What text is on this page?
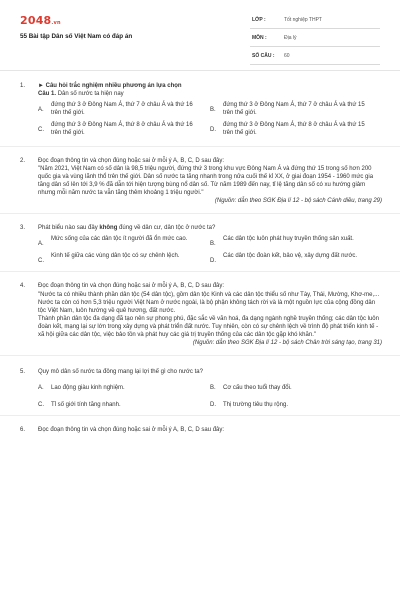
2048.vn
55 Bài tập Dân số Việt Nam có đáp án
LỚP :	Tốt nghiệp THPT
MÔN :	Địa lý
SỐ CÂU : 60
1. ► Câu hỏi trắc nghiệm nhiều phương án lựa chọn
Câu 1. Dân số nước ta hiện nay
A.
đứng thứ 3 ở Đông Nam Á, thứ 7 ở châu Á và thứ 16 trên thế giới.
B.
đứng thứ 3 ở Đông Nam Á, thứ 7 ở châu Á và thứ 15 trên thế giới.
C.
đứng thứ 3 ở Đông Nam Á, thứ 8 ở châu Á và thứ 16 trên thế giới.
D.
đứng thứ 3 ở Đông Nam Á, thứ 8 ở châu Á và thứ 15 trên thế giới.
2. Đọc đoạn thông tin và chọn đúng hoặc sai ở mỗi ý A, B, C, D sau đây:
"Năm 2021, Việt Nam có số dân là 98,5 triệu người, đứng thứ 3 trong khu vực Đông Nam Á và đứng thứ 15 trong số hơn 200 quốc gia và vùng lãnh thổ trên thế giới. Dân số nước ta tăng nhanh trong nửa cuối thế kỉ XX, ở giai đoạn 1954 - 1960 mức gia tăng dân số lên tới 3,9 % đã dẫn tới hiện tượng bùng nổ dân số. Từ năm 1989 đến nay, tỉ lệ tăng dân số có xu hướng giảm nhưng mỗi năm nước ta vẫn tăng thêm khoảng 1 triệu người."
(Nguồn: dẫn theo SGK Địa lí 12 - bộ sách Cánh diều, trang 29)
3. Phát biểu nào sau đây không đúng về dân cư, dân tộc ở nước ta?
A.
Mức sống của các dân tộc ít người đã ổn mức cao.
B.
Các dân tộc luôn phát huy truyền thống sản xuất.
C.
Kinh tế giữa các vùng dân tộc có sự chênh lệch.
D.
Các dân tộc đoàn kết, bảo vệ, xây dựng đất nước.
4. Đọc đoạn thông tin và chọn đúng hoặc sai ở mỗi ý A, B, C, D sau đây:
"Nước ta có nhiều thành phần dân tộc (54 dân tộc), gồm dân tộc Kinh và các dân tộc thiểu số như Tày, Thái, Mường, Khơ-me,... Nước ta còn có hơn 5,3 triệu người Việt Nam ở nước ngoài, là bộ phận không tách rời và là một nguồn lực của cộng đồng dân tộc Việt Nam, luôn hướng về quê hương, đất nước.
Thành phần dân tộc đa dạng đã tạo nên sự phong phú, đặc sắc về văn hoá, đa dạng ngành nghề truyền thống; các dân tộc luôn đoàn kết, mạng lại sự lớn trong xây dựng và phát triển đất nước. Tuy nhiên, còn có sự chênh lệch về trình độ phát triển kinh tế - xã hội giữa các dân tộc, việc bảo tồn và phát huy các giá trị truyền thống của các dân tộc gặp khó khăn."
(Nguồn: dẫn theo SGK Địa lí 12 - bộ sách Chân trời sáng tạo, trang 31)
5. Quy mô dân số nước ta đông mang lại lợi thế gì cho nước ta?
A.	Lao động giàu kinh nghiệm.	B.	Cơ cấu theo tuổi thay đổi.
C.	Tỉ số giới tính tăng nhanh.	D.	Thị trường tiêu thụ rộng.
6. Đọc đoạn thông tin và chọn đúng hoặc sai ở mỗi ý A, B, C, D sau đây:
